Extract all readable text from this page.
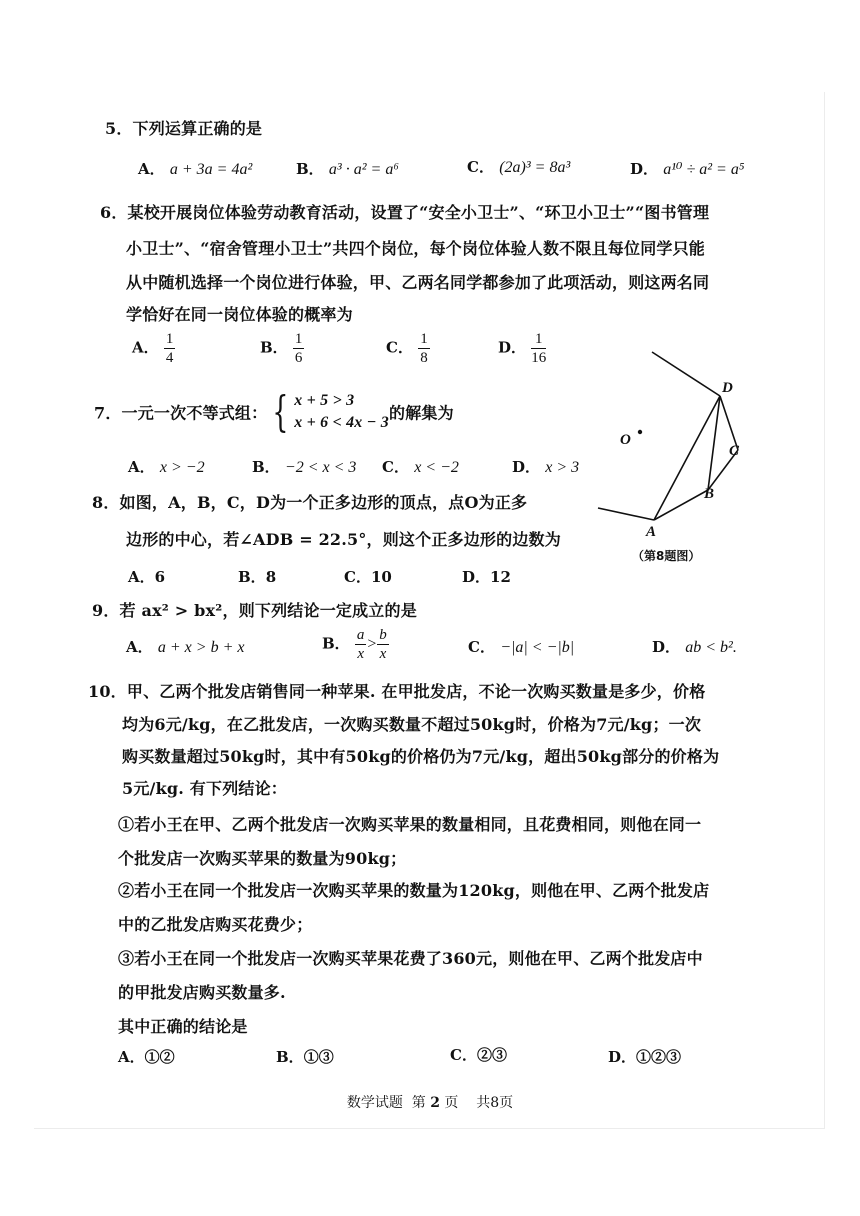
5．下列运算正确的是
A． a + 3a = 4a²	B． a³ · a² = a⁶	C． (2a)³ = 8a³	D． a¹⁰ ÷ a² = a⁵
6．某校开展岗位体验劳动教育活动，设置了“安全小卫士”、“环卫小卫士”“图书管理
小卫士”、“宿舍管理小卫士”共四个岗位，每个岗位体验人数不限且每位同学只能
从中随机选择一个岗位进行体验，甲、乙两名同学都参加了此项活动，则这两名同
学恰好在同一岗位体验的概率为
A． $\frac{1}{4}$	B． $\frac{1}{6}$	C． $\frac{1}{8}$	D． $\frac{1}{16}$
7．一元一次不等式组： { x + 5 > 3
x + 6 < 4x − 3 的解集为
A． x > −2	B． −2 < x < 3 C． x < −2	D． x > 3
8．如图，A，B，C，D为一个正多边形的顶点，点O为正多
边形的中心，若∠ADB = 22.5°，则这个正多边形的边数为
A．6	B．8	C．10	D．12
D
C
B
A
O
（第8题图）
9．若 ax² > bx²，则下列结论一定成立的是
A． a + x > b + x	B． $\frac{a}{x} > \frac{b}{x}$	C． −|a| < −|b|	D． ab < b².
10．甲、乙两个批发店销售同一种苹果. 在甲批发店，不论一次购买数量是多少，价格
均为6元/kg，在乙批发店，一次购买数量不超过50kg时，价格为7元/kg；一次
购买数量超过50kg时，其中有50kg的价格仍为7元/kg，超出50kg部分的价格为
5元/kg. 有下列结论：
①若小王在甲、乙两个批发店一次购买苹果的数量相同，且花费相同，则他在同一
个批发店一次购买苹果的数量为90kg；
②若小王在同一个批发店一次购买苹果的数量为120kg，则他在甲、乙两个批发店
中的乙批发店购买花费少；
③若小王在同一个批发店一次购买苹果花费了360元，则他在甲、乙两个批发店中
的甲批发店购买数量多.
其中正确的结论是
A．①②	B．①③	C．②③	D．①②③
数学试题 第 2 页 共8页
